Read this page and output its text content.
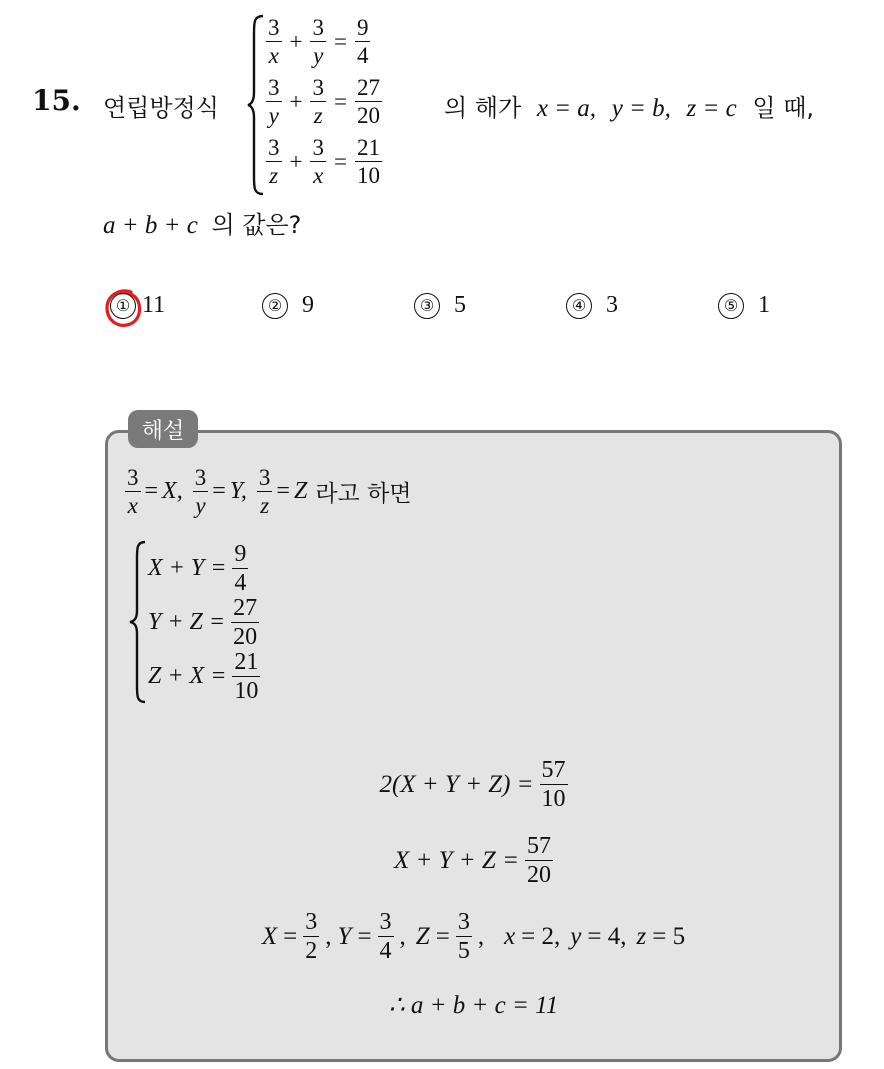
15. 연립방정식
$\frac{3}{x} + \frac{3}{y} = \frac{9}{4}$
$\frac{3}{y} + \frac{3}{z} = \frac{27}{20}$
$\frac{3}{z} + \frac{3}{x} = \frac{21}{10}$
의 해가 x = a, y = b, z = c 일 때,
a + b + c 의 값은?
① 11	② 9	③ 5	④ 3	⑤ 1
해설
$\frac{3}{x} = X$, $\frac{3}{y} = Y$, $\frac{3}{z} = Z$ 라고 하면
$X + Y = \frac{9}{4}$
$Y + Z = \frac{27}{20}$
$Z + X = \frac{21}{10}$
$2(X + Y + Z) = \frac{57}{10}$
$X + Y + Z = \frac{57}{20}$
$X = \frac{3}{2}$ , $Y = \frac{3}{4}$ , $Z = \frac{3}{5}$ , x = 2, y = 4, z = 5
∴ a + b + c = 11
